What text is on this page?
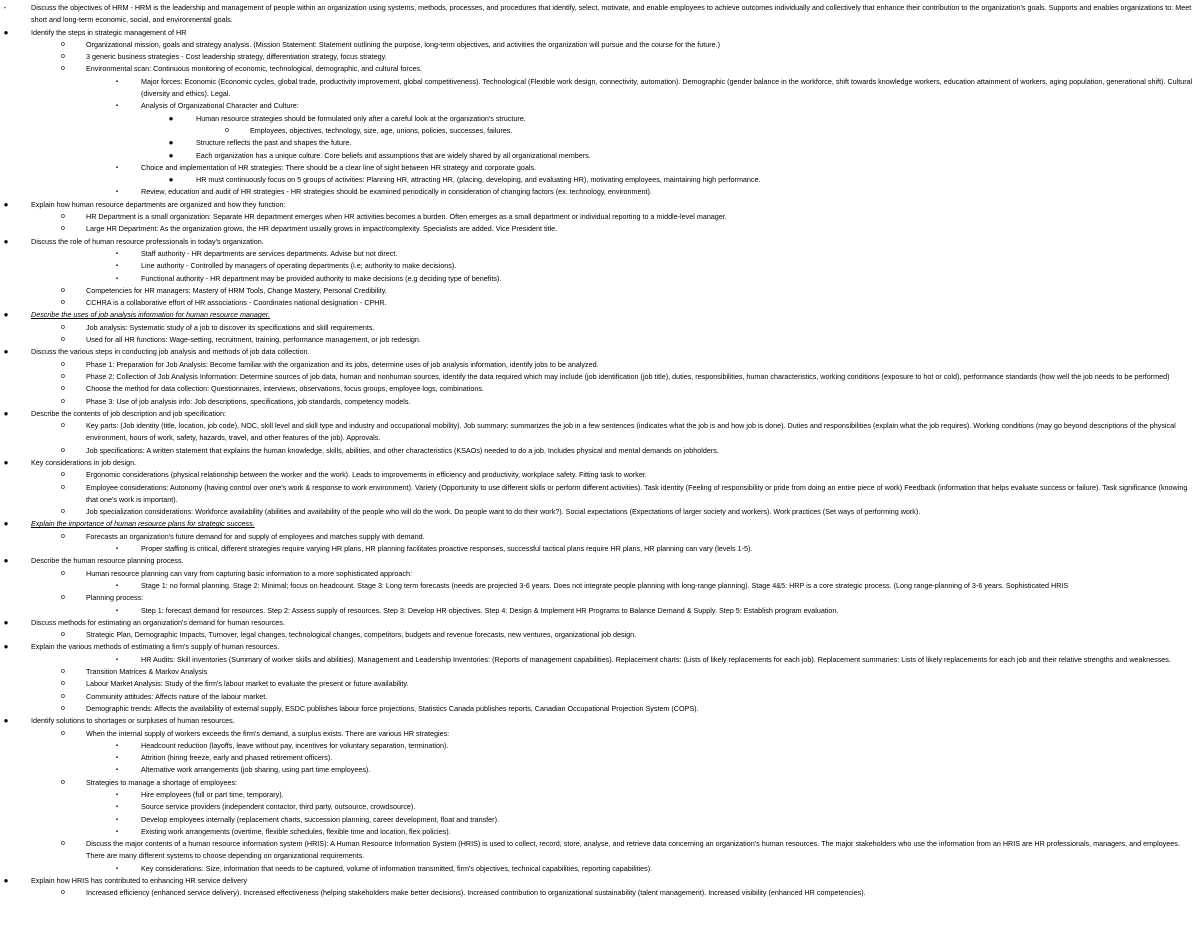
-	Discuss the objectives of HRM - HRM is the leadership and management of people within an organization using systems, methods, processes, and procedures that identify, select, motivate, and enable employees to achieve outcomes individually and collectively that enhance their contribution to the organization's goals. Supports and enables organizations to: Meet short and long-term economic, social, and environmental goals.
●	Identify the steps in strategic management of HR
o	Organizational mission, goals and strategy analysis. (Mission Statement: Statement outlining the purpose, long-term objectives, and activities the organization will pursue and the course for the future.)
o	3 generic business strategies - Cost leadership strategy, differentiation strategy, focus strategy.
o	Environmental scan: Continuous monitoring of economic, technological, demographic, and cultural forces.
▪	Major forces: Economic (Economic cycles, global trade, productivity improvement, global competitiveness). Technological (Flexible work design, connectivity, automation). Demographic (gender balance in the workforce, shift towards knowledge workers, education attainment of workers, aging population, generational shift). Cultural (diversity and ethics). Legal.
▪	Analysis of Organizational Character and Culture:
●	Human resource strategies should be formulated only after a careful look at the organization's structure.
o	Employees, objectives, technology, size, age, unions, policies, successes, failures.
●	Structure reflects the past and shapes the future.
●	Each organization has a unique culture. Core beliefs and assumptions that are widely shared by all organizational members.
▪	Choice and implementation of HR strategies: There should be a clear line of sight between HR strategy and corporate goals.
●	HR must continuously focus on 5 groups of activities: Planning HR, attracting HR, (placing, developing, and evaluating HR), motivating employees, maintaining high performance.
▪	Review, education and audit of HR strategies - HR strategies should be examined periodically in consideration of changing factors (ex. technology, environment).
●	Explain how human resource departments are organized and how they function:
o	HR Department is a small organization: Separate HR department emerges when HR activities becomes a burden. Often emerges as a small department or individual reporting to a middle-level manager.
o	Large HR Department: As the organization grows, the HR department usually grows in impact/complexity. Specialists are added. Vice President title.
●	Discuss the role of human resource professionals in today's organization.
▪	Staff authority - HR departments are services departments. Advise but not direct.
▪	Line authority - Controlled by managers of operating departments (i.e; authority to make decisions).
▪	Functional authority - HR department may be provided authority to make decisions (e.g deciding type of benefits).
o	Competencies for HR managers: Mastery of HRM Tools, Change Mastery, Personal Credibility.
o	CCHRA is a collaborative effort of HR associations - Coordinates national designation - CPHR.
●	Describe the uses of job analysis information for human resource manager.
o	Job analysis: Systematic study of a job to discover its specifications and skill requirements.
o	Used for all HR functions: Wage-setting, recruitment, training, performance management, or job redesign.
●	Discuss the various steps in conducting job analysis and methods of job data collection.
o	Phase 1: Preparation for Job Analysis: Become familiar with the organization and its jobs, determine uses of job analysis information, identify jobs to be analyzed.
o	Phase 2: Collection of Job Analysis Information: Determine sources of job data, human and nonhuman sources, identify the data required which may include (job identification (job title), duties, responsibilities, human characteristics, working conditions (exposure to hot or cold), performance standards (how well the job needs to be performed)
o	Choose the method for data collection: Questionnaires, interviews, observations, focus groups, employee logs, combinations.
o	Phase 3: Use of job analysis info: Job descriptions, specifications, job standards, competency models.
●	Describe the contents of job description and job specification:
o	Key parts: (Job identity (title, location, job code), NOC, skill level and skill type and industry and occupational mobility). Job summary: summarizes the job in a few sentences (indicates what the job is and how job is done). Duties and responsibilities (explain what the job requires). Working conditions (may go beyond descriptions of the physical environment, hours of work, safety, hazards, travel, and other features of the job). Approvals.
o	Job specifications: A written statement that explains the human knowledge, skills, abilities, and other characteristics (KSAOs) needed to do a job. Includes physical and mental demands on jobholders.
●	Key considerations in job design.
o	Ergonomic considerations (physical relationship between the worker and the work). Leads to improvements in efficiency and productivity, workplace safety. Fitting task to worker.
o	Employee considerations: Autonomy (having control over one's work & response to work environment). Variety (Opportunity to use different skills or perform different activities). Task identity (Feeling of responsibility or pride from doing an entire piece of work) Feedback (information that helps evaluate success or failure). Task significance (knowing that one's work is important).
o	Job specialization considerations: Workforce availability (abilities and availability of the people who will do the work. Do people want to do their work?). Social expectations (Expectations of larger society and workers). Work practices (Set ways of performing work).
●	Explain the importance of human resource plans for strategic success.
o	Forecasts an organization's future demand for and supply of employees and matches supply with demand.
▪	Proper staffing is critical, different strategies require varying HR plans, HR planning facilitates proactive responses, successful tactical plans require HR plans, HR planning can vary (levels 1-5).
●	Describe the human resource planning process.
o	Human resource planning can vary from capturing basic information to a more sophisticated approach:
▪	Stage 1: no formal planning. Stage 2: Minimal; focus on headcount. Stage 3: Long term forecasts (needs are projected 3-6 years. Does not integrate people planning with long-range planning). Stage 4&5: HRP is a core strategic process. (Long range-planning of 3-6 years. Sophisticated HRIS
o	Planning process:
▪	Step 1: forecast demand for resources. Step 2: Assess supply of resources. Step 3: Develop HR objectives. Step 4: Design & Implement HR Programs to Balance Demand & Supply. Step 5: Establish program evaluation.
●	Discuss methods for estimating an organization's demand for human resources.
o	Strategic Plan, Demographic Impacts, Turnover, legal changes, technological changes, competitors, budgets and revenue forecasts, new ventures, organizational job design.
●	Explain the various methods of estimating a firm's supply of human resources.
▪	HR Audits: Skill inventories (Summary of worker skills and abilities). Management and Leadership Inventories: (Reports of management capabilities). Replacement charts: (Lists of likely replacements for each job). Replacement summaries: Lists of likely replacements for each job and their relative strengths and weaknesses.
o	Transition Matrices & Markov Analysis
o	Labour Market Analysis: Study of the firm's labour market to evaluate the present or future availability.
o	Community attitudes: Affects nature of the labour market.
o	Demographic trends: Affects the availability of external supply, ESDC publishes labour force projections, Statistics Canada publishes reports, Canadian Occupational Projection System (COPS).
●	Identify solutions to shortages or surpluses of human resources.
o	When the internal supply of workers exceeds the firm's demand, a surplus exists. There are various HR strategies:
▪	Headcount reduction (layoffs, leave without pay, incentives for voluntary separation, termination).
▪	Attrition (hiring freeze, early and phased retirement officers).
▪	Alternative work arrangements (job sharing, using part time employees).
o	Strategies to manage a shortage of employees:
▪	Hire employees (full or part time, temporary).
▪	Source service providers (independent contactor, third party, outsource, crowdsource).
▪	Develop employees internally (replacement charts, succession planning, career development, float and transfer).
▪	Existing work arrangements (overtime, flexible schedules, flexible time and location, flex policies).
o	Discuss the major contents of a human resource information system (HRIS): A Human Resource Information System (HRIS) is used to collect, record, store, analyse, and retrieve data concerning an organization's human resources. The major stakeholders who use the information from an HRIS are HR professionals, managers, and employees. There are many different systems to choose depending on organizational requirements.
▪	Key considerations: Size, information that needs to be captured, volume of information transmitted, firm's objectives, technical capabilities, reporting capabilities).
●	Explain how HRIS has contributed to enhancing HR service delivery
o	Increased efficiency (enhanced service delivery). Increased effectiveness (helping stakeholders make better decisions). Increased contribution to organizational sustainability (talent management). Increased visibility (enhanced HR competencies).
